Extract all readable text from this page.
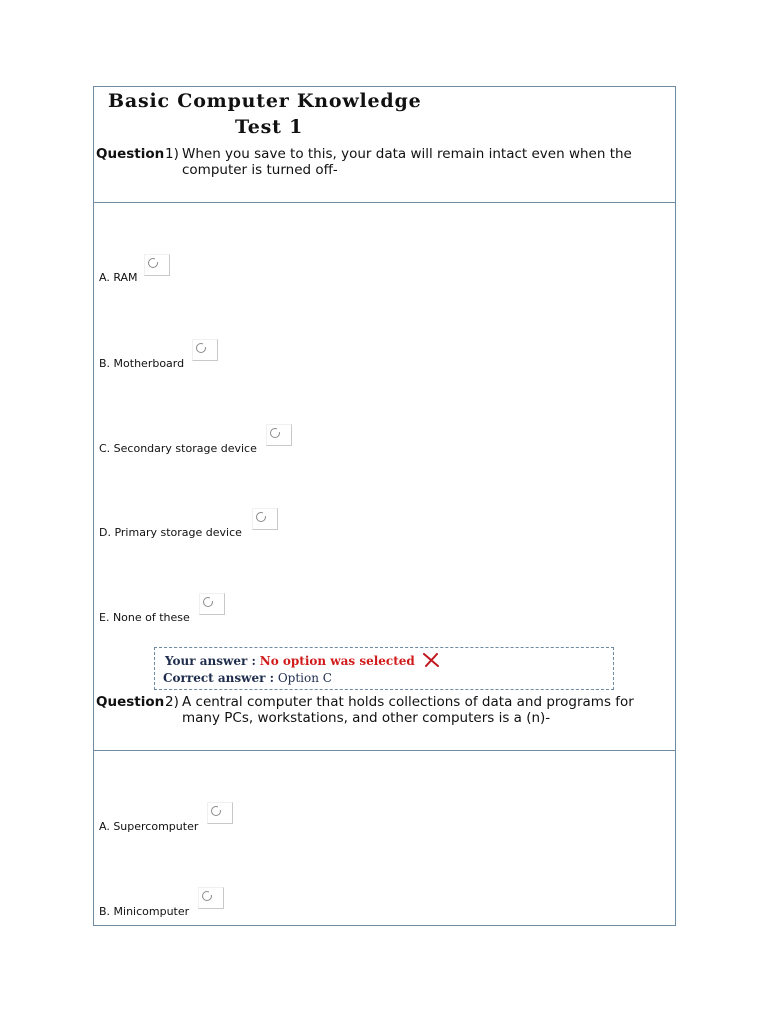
Basic Computer Knowledge
Test 1
Question 1) When you save to this, your data will remain intact even when the computer is turned off-
A. RAM
B. Motherboard
C. Secondary storage device
D. Primary storage device
E. None of these
Your answer : No option was selected
Correct answer : Option C
Question 2) A central computer that holds collections of data and programs for many PCs, workstations, and other computers is a (n)-
A. Supercomputer
B. Minicomputer
